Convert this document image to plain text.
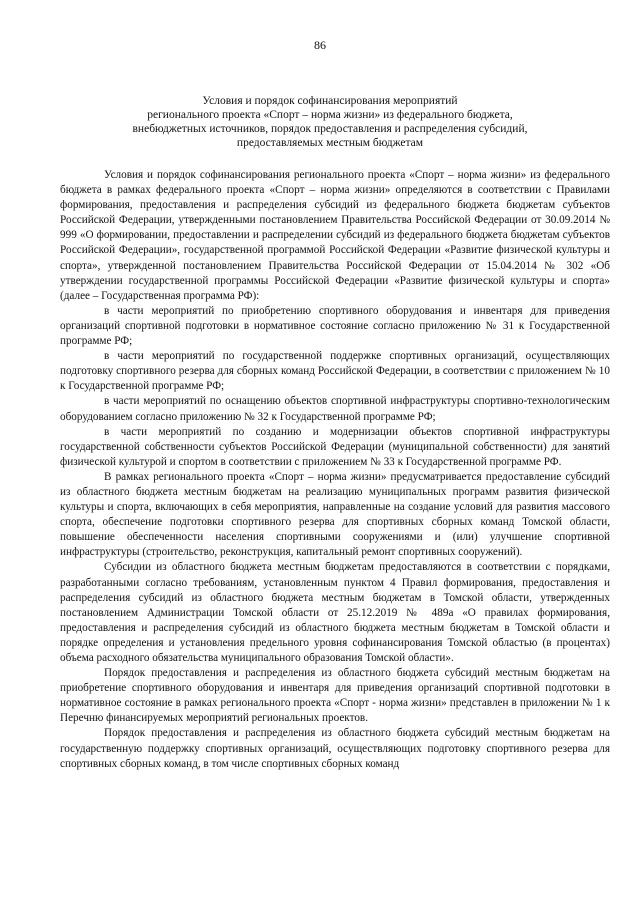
86
Условия и порядок софинансирования мероприятий
регионального проекта «Спорт – норма жизни» из федерального бюджета,
внебюджетных источников, порядок предоставления и распределения субсидий,
предоставляемых местным бюджетам

Условия и порядок софинансирования регионального проекта «Спорт – норма жизни» из федерального бюджета в рамках федерального проекта «Спорт – норма жизни» определяются в соответствии с Правилами формирования, предоставления и распределения субсидий из федерального бюджета бюджетам субъектов Российской Федерации, утвержденными постановлением Правительства Российской Федерации от 30.09.2014 № 999 «О формировании, предоставлении и распределении субсидий из федерального бюджета бюджетам субъектов Российской Федерации», государственной программой Российской Федерации «Развитие физической культуры и спорта», утвержденной постановлением Правительства Российской Федерации от 15.04.2014 № 302 «Об утверждении государственной программы Российской Федерации «Развитие физической культуры и спорта» (далее – Государственная программа РФ):

в части мероприятий по приобретению спортивного оборудования и инвентаря для приведения организаций спортивной подготовки в нормативное состояние согласно приложению № 31 к Государственной программе РФ;

в части мероприятий по государственной поддержке спортивных организаций, осуществляющих подготовку спортивного резерва для сборных команд Российской Федерации, в соответствии с приложением № 10 к Государственной программе РФ;

в части мероприятий по оснащению объектов спортивной инфраструктуры спортивно-технологическим оборудованием согласно приложению № 32 к Государственной программе РФ;

в части мероприятий по созданию и модернизации объектов спортивной инфраструктуры государственной собственности субъектов Российской Федерации (муниципальной собственности) для занятий физической культурой и спортом в соответствии с приложением № 33 к Государственной программе РФ.

В рамках регионального проекта «Спорт – норма жизни» предусматривается предоставление субсидий из областного бюджета местным бюджетам на реализацию муниципальных программ развития физической культуры и спорта, включающих в себя мероприятия, направленные на создание условий для развития массового спорта, обеспечение подготовки спортивного резерва для спортивных сборных команд Томской области, повышение обеспеченности населения спортивными сооружениями и (или) улучшение спортивной инфраструктуры (строительство, реконструкция, капитальный ремонт спортивных сооружений).

Субсидии из областного бюджета местным бюджетам предоставляются в соответствии с порядками, разработанными согласно требованиям, установленным пунктом 4 Правил формирования, предоставления и распределения субсидий из областного бюджета местным бюджетам в Томской области, утвержденных постановлением Администрации Томской области от 25.12.2019 № 489а «О правилах формирования, предоставления и распределения субсидий из областного бюджета местным бюджетам в Томской области и порядке определения и установления предельного уровня софинансирования Томской областью (в процентах) объема расходного обязательства муниципального образования Томской области».

Порядок предоставления и распределения из областного бюджета субсидий местным бюджетам на приобретение спортивного оборудования и инвентаря для приведения организаций спортивной подготовки в нормативное состояние в рамках регионального проекта «Спорт - норма жизни» представлен в приложении № 1 к Перечню финансируемых мероприятий региональных проектов.

Порядок предоставления и распределения из областного бюджета субсидий местным бюджетам на государственную поддержку спортивных организаций, осуществляющих подготовку спортивного резерва для спортивных сборных команд, в том числе спортивных сборных команд
